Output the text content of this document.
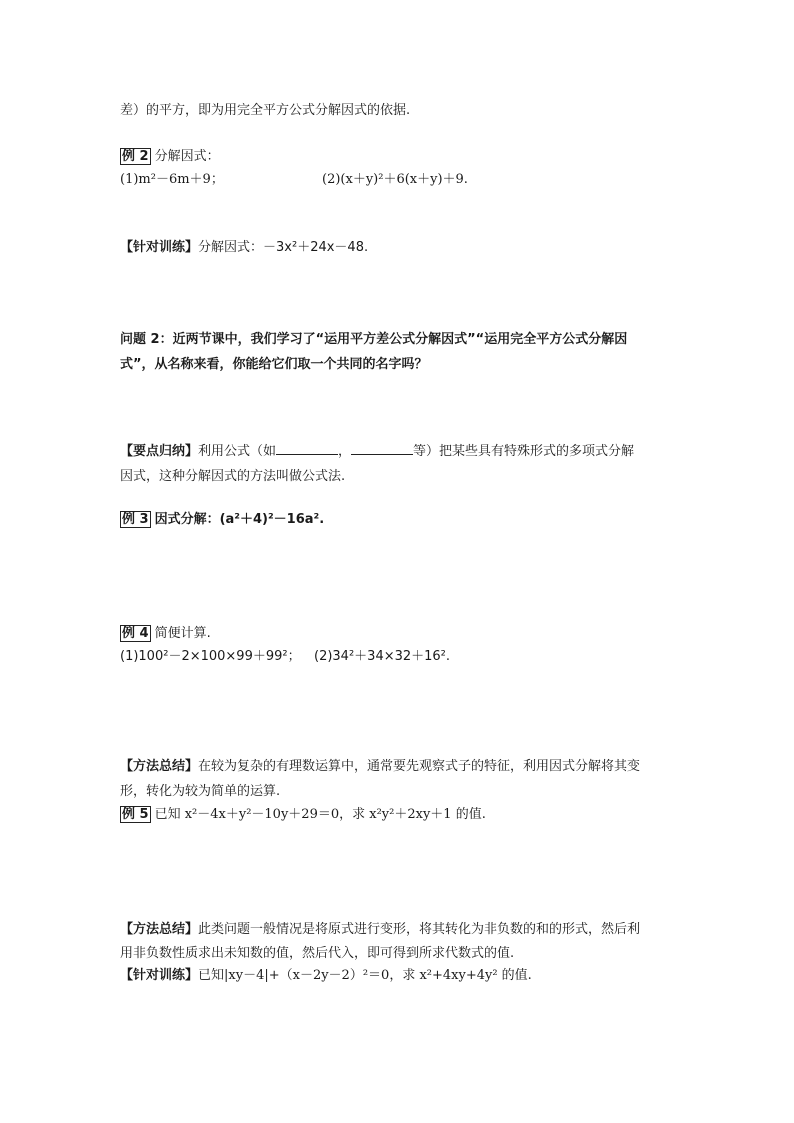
差）的平方，即为用完全平方公式分解因式的依据.
例 2 分解因式：
(1)m²－6m＋9；	(2)(x＋y)²＋6(x＋y)＋9.
【针对训练】分解因式：－3x²＋24x－48.
问题 2：近两节课中，我们学习了“运用平方差公式分解因式”“运用完全平方公式分解因
式”，从名称来看，你能给它们取一个共同的名字吗？
【要点归纳】利用公式（如	，	等）把某些具有特殊形式的多项式分解
因式，这种分解因式的方法叫做公式法.
例 3 因式分解：(a²＋4)²－16a².
例 4 简便计算.
(1)100²－2×100×99＋99²； (2)34²＋34×32＋16².
【方法总结】在较为复杂的有理数运算中，通常要先观察式子的特征，利用因式分解将其变
形，转化为较为简单的运算.
例 5 已知 x²－4x＋y²－10y＋29＝0，求 x²y²＋2xy＋1 的值.
【方法总结】此类问题一般情况是将原式进行变形，将其转化为非负数的和的形式，然后利
用非负数性质求出未知数的值，然后代入，即可得到所求代数式的值.
【针对训练】已知|xy－4|+（x－2y－2）²＝0，求 x²+4xy+4y² 的值.
